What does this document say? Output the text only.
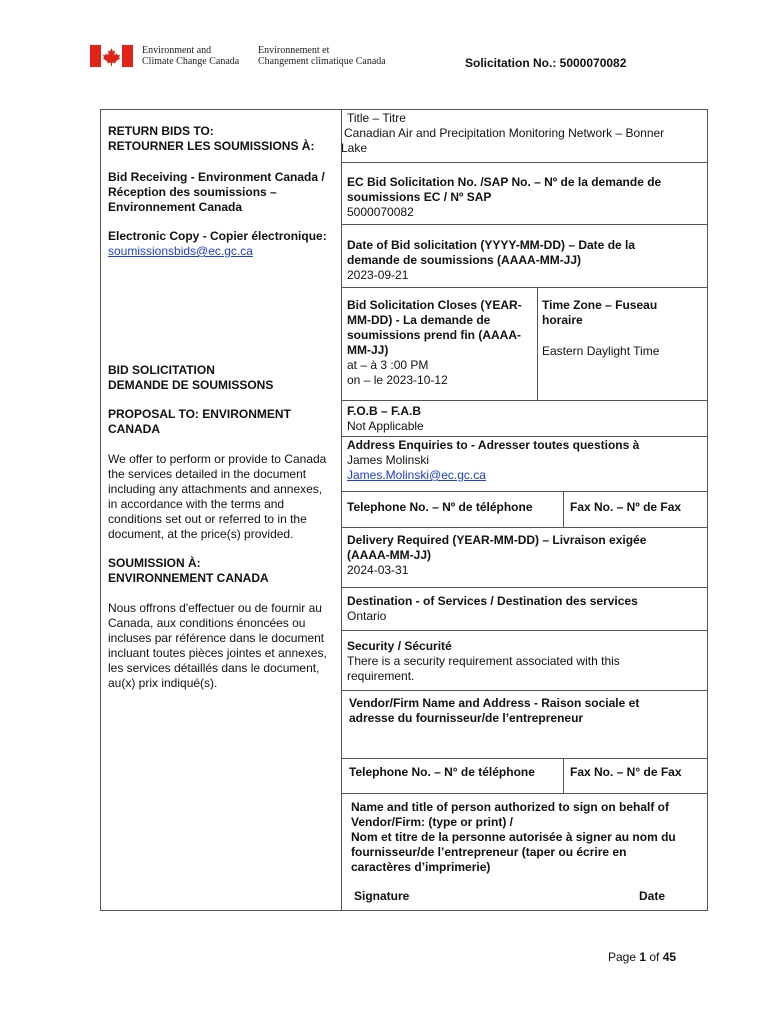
Environment and
Climate Change Canada
Environnement et
Changement climatique Canada	Solicitation No.: 5000070082
RETURN BIDS TO:
RETOURNER LES SOUMISSIONS À:
Bid Receiving - Environment Canada /
Réception des soumissions –
Environnement Canada
Electronic Copy - Copier électronique:
soumissionsbids@ec.gc.ca
BID SOLICITATION
DEMANDE DE SOUMISSONS
PROPOSAL TO: ENVIRONMENT
CANADA
We offer to perform or provide to Canada
the services detailed in the document
including any attachments and annexes,
in accordance with the terms and
conditions set out or referred to in the
document, at the price(s) provided.
SOUMISSION À:
ENVIRONNEMENT CANADA
Nous offrons d'effectuer ou de fournir au
Canada, aux conditions énoncées ou
incluses par référence dans le document
incluant toutes pièces jointes et annexes,
les services détaillés dans le document,
au(x) prix indiqué(s).
Title – Titre
Canadian Air and Precipitation Monitoring Network – Bonner
Lake
EC Bid Solicitation No. /SAP No. – Nº de la demande de
soumissions EC / Nº SAP
5000070082
Date of Bid solicitation (YYYY-MM-DD) – Date de la
demande de soumissions (AAAA-MM-JJ)
2023-09-21
Bid Solicitation Closes (YEAR-
MM-DD) - La demande de
soumissions prend fin (AAAA-
MM-JJ)
at – à 3 :00 PM
on – le 2023-10-12
Time Zone – Fuseau
horaire
Eastern Daylight Time
F.O.B – F.A.B
Not Applicable
Address Enquiries to - Adresser toutes questions à
James Molinski
James.Molinski@ec.gc.ca
Telephone No. – Nº de téléphone	Fax No. – Nº de Fax
Delivery Required (YEAR-MM-DD) – Livraison exigée
(AAAA-MM-JJ)
2024-03-31
Destination - of Services / Destination des services
Ontario
Security / Sécurité
There is a security requirement associated with this
requirement.
Vendor/Firm Name and Address - Raison sociale et
adresse du fournisseur/de l’entrepreneur
Telephone No. – N° de téléphone	Fax No. – N° de Fax
Name and title of person authorized to sign on behalf of
Vendor/Firm: (type or print) /
Nom et titre de la personne autorisée à signer au nom du
fournisseur/de l’entrepreneur (taper ou écrire en
caractères d’imprimerie)
Signature	Date
Page 1 of 45
